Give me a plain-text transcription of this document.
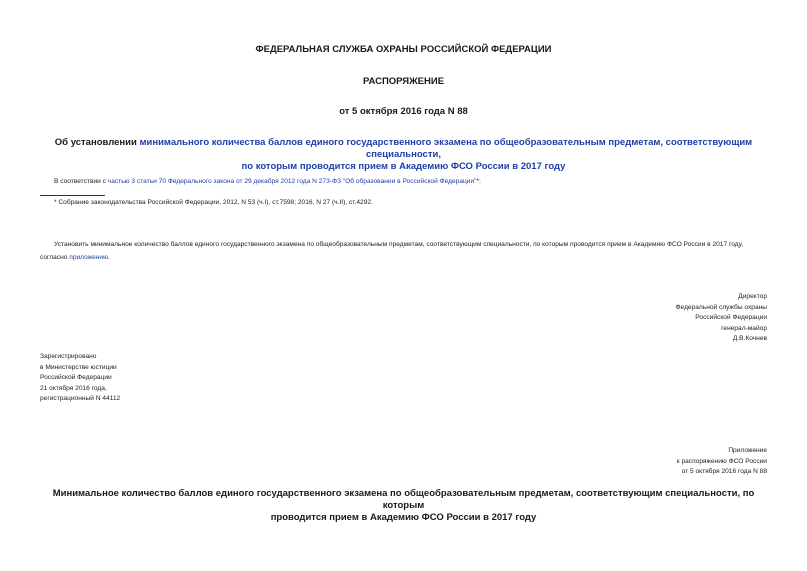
ФЕДЕРАЛЬНАЯ СЛУЖБА ОХРАНЫ РОССИЙСКОЙ ФЕДЕРАЦИИ
РАСПОРЯЖЕНИЕ
от 5 октября 2016 года N 88
Об установлении минимального количества баллов единого государственного экзамена по общеобразовательным предметам, соответствующим специальности,
по которым проводится прием в Академию ФСО России в 2017 году
В соответствии с частью 3 статьи 70 Федерального закона от 29 декабря 2012 года N 273-ФЗ "Об образовании в Российской Федерации"*:
* Собрание законодательства Российской Федерации, 2012, N 53 (ч.I), ст.7598; 2016, N 27 (ч.II), ст.4292.
Установить минимальное количество баллов единого государственного экзамена по общеобразовательным предметам, соответствующим специальности, по которым проводится прием в Академию ФСО России в 2017 году, согласно приложению.
Директор
Федеральной службы охраны
Российской Федерации
генерал-майор
Д.В.Кочнев
Зарегистрировано
в Министерстве юстиции
Российской Федерации
21 октября 2016 года,
регистрационный N 44112
Приложение
к распоряжению ФСО России
от 5 октября 2016 года N 88
Минимальное количество баллов единого государственного экзамена по общеобразовательным предметам, соответствующим специальности, по которым
проводится прием в Академию ФСО России в 2017 году
